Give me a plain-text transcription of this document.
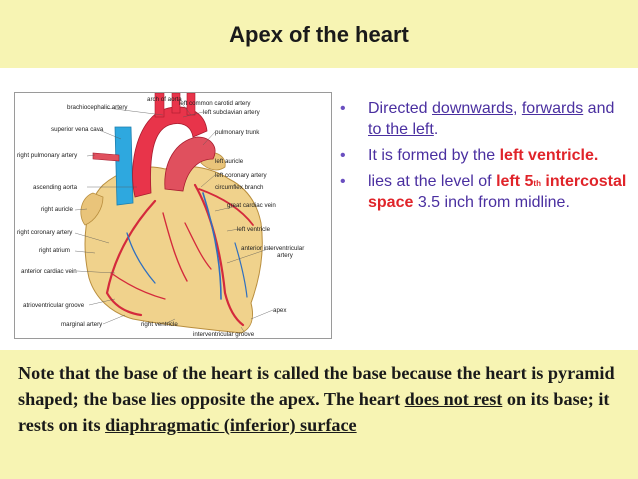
Apex of the heart
arch of aorta
brachiocephalic artery
left common carotid artery
left subclavian artery
superior vena cava	pulmonary trunk
right pulmonary artery
left auricle
ascending aorta
left coronary artery
circumflex branch
right auricle
great cardiac vein
right coronary artery	left ventricle
right atrium	anterior interventricular artery
anterior cardiac vein
atrioventricular groove
apex
marginal artery	right ventricle
interventricular groove
• Directed downwards, forwards and to the left.
• It is formed by the left ventricle.
• lies at the level of left 5th intercostal space 3.5 inch from midline.
Note that the base of the heart is called the base because the heart is pyramid shaped; the base lies opposite the apex. The heart does not rest on its base; it rests on its diaphragmatic (inferior) surface
